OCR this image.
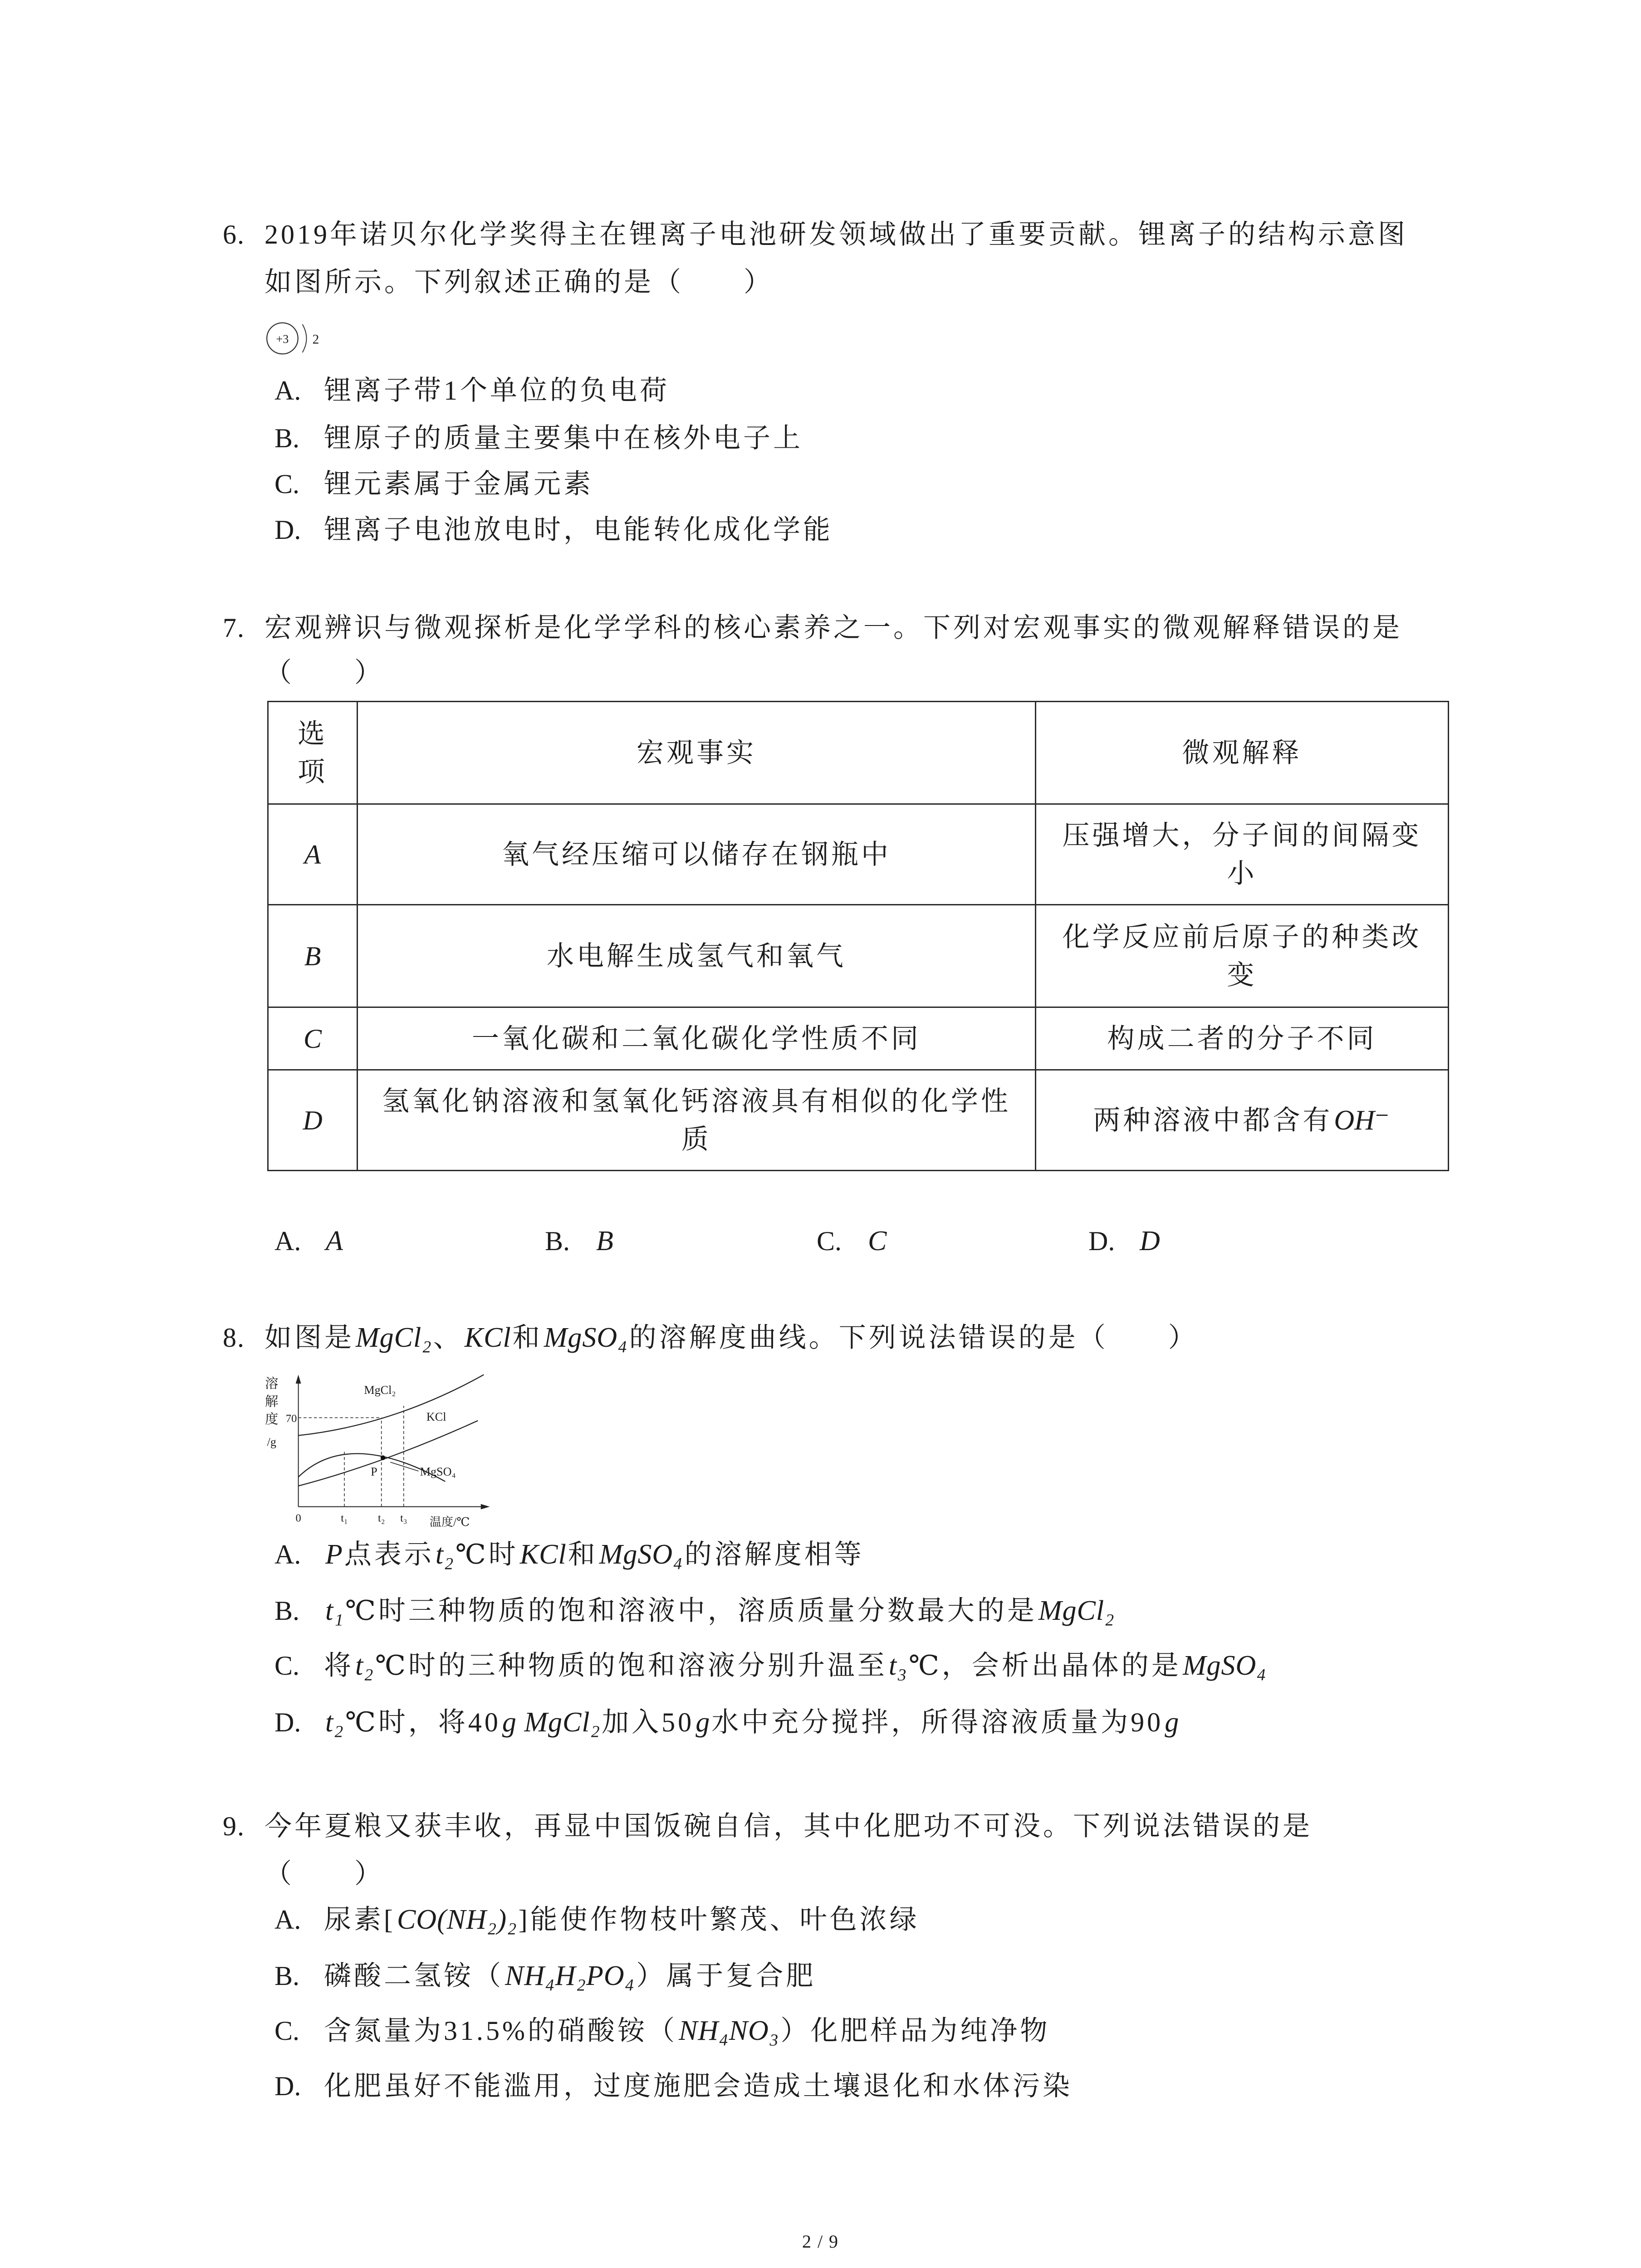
6. 2019年诺贝尔化学奖得主在锂离子电池研发领域做出了重要贡献。锂离子的结构示意图
如图所示。下列叙述正确的是（　　）
+3	2
A. 锂离子带1个单位的负电荷
B. 锂原子的质量主要集中在核外电子上
C. 锂元素属于金属元素
D. 锂离子电池放电时，电能转化成化学能
7. 宏观辨识与微观探析是化学学科的核心素养之一。下列对宏观事实的微观解释错误的是
（　　）
选项	宏观事实	微观解释
A	氧气经压缩可以储存在钢瓶中	压强增大，分子间的间隔变小
B	水电解生成氢气和氧气	化学反应前后原子的种类改变
C	一氧化碳和二氧化碳化学性质不同	构成二者的分子不同
D	氢氧化钠溶液和氢氧化钙溶液具有相似的化学性质	两种溶液中都含有OH⁻
A. A	B. B	C. C	D. D
8. 如图是MgCl₂、KCl和MgSO₄的溶解度曲线。下列说法错误的是（　　）
溶
解
度
/g
70
P
MgCl₂
KCl
MgSO₄
0	t₁	t₂	t₃	温度/℃
A. P点表示t₂℃时KCl和MgSO₄的溶解度相等
B. t₁℃时三种物质的饱和溶液中，溶质质量分数最大的是MgCl₂
C. 将t₂℃时的三种物质的饱和溶液分别升温至t₃℃，会析出晶体的是MgSO₄
D. t₂℃时，将40g MgCl₂加入50g水中充分搅拌，所得溶液质量为90g
9. 今年夏粮又获丰收，再显中国饭碗自信，其中化肥功不可没。下列说法错误的是
（　　）
A. 尿素[CO(NH₂)₂]能使作物枝叶繁茂、叶色浓绿
B. 磷酸二氢铵（NH₄H₂PO₄）属于复合肥
C. 含氮量为31.5%的硝酸铵（NH₄NO₃）化肥样品为纯净物
D. 化肥虽好不能滥用，过度施肥会造成土壤退化和水体污染
2 / 9
